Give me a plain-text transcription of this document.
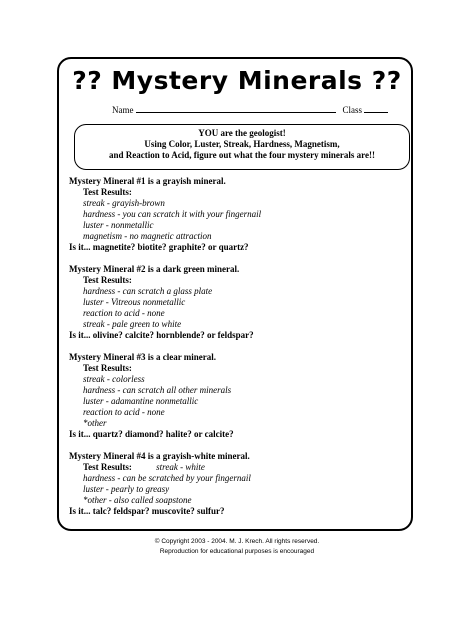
?? Mystery Minerals ??
Name	Class
YOU are the geologist!
Using Color, Luster, Streak, Hardness, Magnetism,
and Reaction to Acid, figure out what the four mystery minerals are!!
Mystery Mineral #1 is a grayish mineral.
Test Results:
streak - grayish-brown
hardness - you can scratch it with your fingernail
luster - nonmetallic
magnetism - no magnetic attraction
Is it... magnetite? biotite? graphite? or quartz?
Mystery Mineral #2 is a dark green mineral.
Test Results:
hardness - can scratch a glass plate
luster - Vitreous nonmetallic
reaction to acid - none
streak - pale green to white
Is it... olivine? calcite? hornblende? or feldspar?
Mystery Mineral #3 is a clear mineral.
Test Results:
streak - colorless
hardness - can scratch all other minerals
luster - adamantine nonmetallic
reaction to acid - none
*other
Is it... quartz? diamond? halite? or calcite?
Mystery Mineral #4 is a grayish-white mineral.
Test Results:	streak - white
hardness - can be scratched by your fingernail
luster - pearly to greasy
*other - also called soapstone
Is it... talc? feldspar? muscovite? sulfur?
© Copyright 2003 - 2004. M. J. Krech. All rights reserved.
Reproduction for educational purposes is encouraged
